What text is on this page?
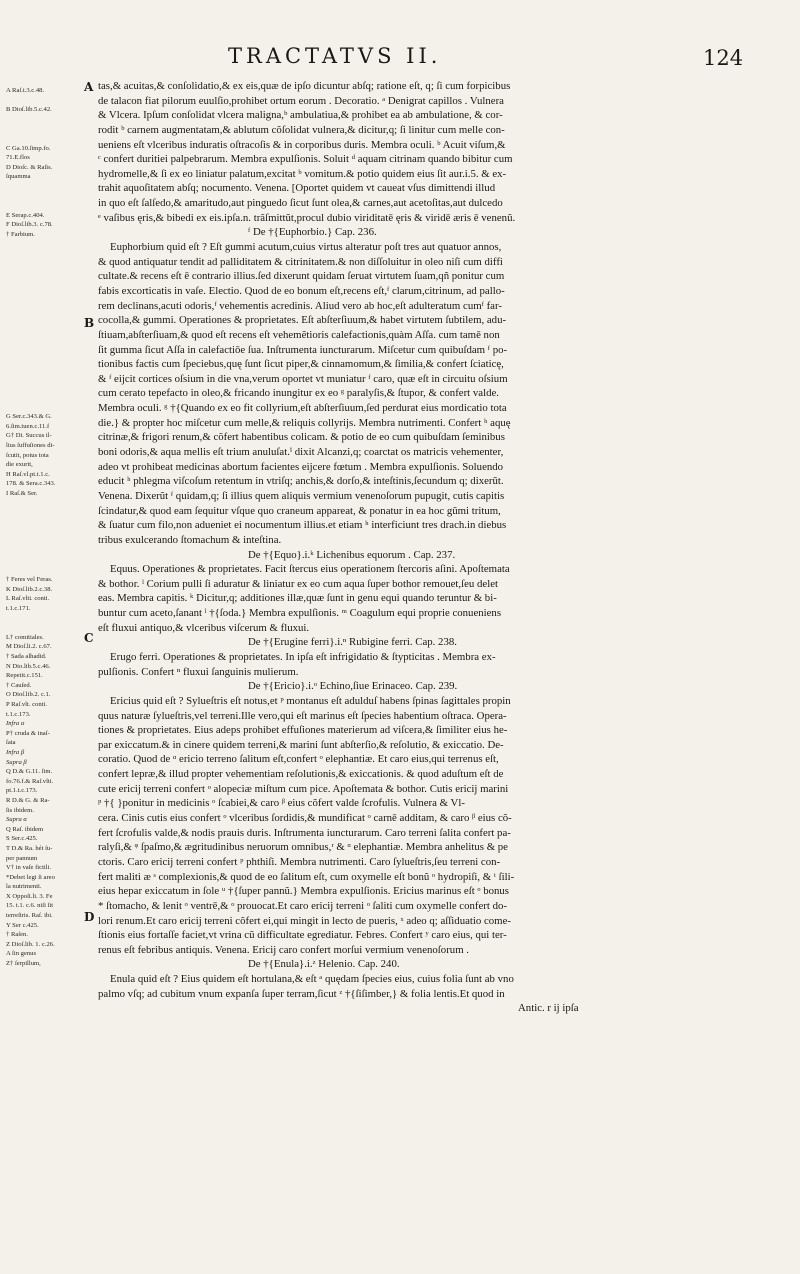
TRACTATVS II.	124
A Raſ.t.3.c.48.

B Dioſ.lib.5.c.42.

C Ga.10.ſimp.fo.
71.E.flos
D Dioſc. & Raſis.
ſquamma

E Serap.c.404.
F Dioſ.lib.3. c.78.
† Farbium.

G Ser.c.343.& G.
6.ſim.tuen.c.11.f
G† Di. Succus il-
lius ſuffuſiones di-
ſcutit, potus tota
die exurit,
H Raſ.vl.pt.t.1.c.
178. & Sera.c.343.
I Raſ.& Ser.

† Feres vel Feras.
K Dioſ.lib.2.c.38.
L Raſ.vlti. conti.
t.1.c.171.

L† comitiales.
M Dioſ.li.2. c.67.
† Sada alhadid.
N Dio.lib.5.c.46.
Repetit.c.151.
† Cauſed.
O Dioſ.lib.2. c.1.
P Raſ.vlt. conti.
t.1.c.173.
Infra α
P† cruda & inaſ-
ſata
Infra β
Supra β
Q D.& G.11. ſim.
fo.76.f.& Raſ.vlti.
pt.1.t.c.173.
R D.& G. & Ra-
ſis ibidem.
Supra α
Q Raſ. ibidem
S Ser.c.425.
T D.& Ra. hét ſu-
per pannum
V† in vaſe fictili.
*Debet legi ſi areo
la nutrimenti.
X Oppoſi.li. 3. Fe
15. t.1. c.6. niſi ſit
terreſtris. Raſ. ibi.
Y Ser c.425.
† Raſen.
Z Dioſ.lib. 1. c.26.
A ſin genus
Z† ſerpillum,
A
B
C
D
tas,& acuitas,& conſolidatio,& ex eis,quæ de ipſo dicuntur abſq; ratione eſt, q; ſi cum forpicibus
de talacon fiat pilorum euulſio,prohibet ortum eorum . Decoratio. ᵃ Denigrat capillos . Vulnera
& Vlcera. Ipſum conſolidat vlcera maligna,ᵇ ambulatiua,& prohibet ea ab ambulatione, & cor-
rodit ᵇ carnem augmentatam,& ablutum cõſolidat vulnera,& dicitur,q; ſi linitur cum melle con-
ueniens eſt vlceribus induratis oſtracoſis & in corporibus duris. Membra oculi. ᵇ Acuit viſum,&
ᶜ confert duritiei palpebrarum. Membra expulſionis. Soluit ᵈ aquam citrinam quando bibitur cum
hydromelle,& ſi ex eo liniatur palatum,excitat ᵇ vomitum.& potio quidem eius ſit aur.i.5. & ex-
trahit aquoſitatem abſq; nocumento. Venena. [Oportet quidem vt caueat vſus dimittendi illud
in quo eſt ſalſedo,& amaritudo,aut pinguedo ſicut ſunt olea,& carnes,aut acetoſitas,aut dulcedo
ᵉ vaſibus ęris,& bibedi ex eis.ipſa.n. trãſmittũt,procul dubio viriditatē ęris & viridē æris ē venenũ.
ᶠ De †{Euphorbio.} Cap. 236.
Euphorbium quid eſt ? Eſt gummi acutum,cuius virtus alteratur poſt tres aut quatuor annos,
& quod antiquatur tendit ad palliditatem & citrinitatem.& non diſſoluitur in oleo niſi cum diffi
cultate.& recens eſt ē contrario illius.ſed dixerunt quidam ſeruat virtutem ſuam,qñ ponitur cum
fabis excorticatis in vaſe. Electio. Quod de eo bonum eſt,recens eſt,ᶠ clarum,citrinum, ad pallo-
rem declinans,acuti odoris,ᶠ vehementis acredinis. Aliud vero ab hoc,eſt adulteratum cumᶠ far-
cocolla,& gummi. Operationes & proprietates. Eſt abſterſiuum,& habet virtutem ſubtilem, adu-
ſtiuam,abſterſiuam,& quod eſt recens eſt vehemẽtioris calefactionis,quàm Aſſa. cum tamē non
ſit gumma ſicut Aſſa in calefactiōe ſua. Inſtrumenta iuncturarum. Miſcetur cum quibuſdam ᶠ po-
tionibus factis cum ſpeciebus,quę ſunt ſicut piper,& cinnamomum,& ſimilia,& confert ſciaticę,
& ᶠ eijcit cortices oſsium in die vna,verum oportet vt muniatur ᶠ caro, quæ eſt in circuitu oſsium
cum cerato tepefacto in oleo,& fricando inungitur ex eo ᵍ paralyſis,& ſtupor, & confert valde.
Membra oculi. ᵍ †{Quando ex eo fit collyrium,eſt abſterſiuum,ſed perdurat eius mordicatio tota
die.} & propter hoc miſcetur cum melle,& reliquis collyrijs. Membra nutrimenti. Confert ʰ aquę
citrinæ,& frigori renum,& cõfert habentibus colicam. & potio de eo cum quibuſdam ſeminibus
boni odoris,& aqua mellis eſt trium anuluſat.ⁱ dixit Alcanzi,q; coarctat os matricis vehementer,
adeo vt prohibeat medicinas abortum facientes eijcere fœtum . Membra expulſionis. Soluendo
educit ʰ phlegma viſcoſum retentum in vtriſq; anchis,& dorſo,& inteſtinis,ſecundum q; dixerũt.
Venena. Dixerũt ᶠ quidam,q; ſi illius quem aliquis vermium venenoſorum pupugit, cutis capitis
ſcindatur,& quod eam ſequitur vſque quo craneum appareat, & ponatur in ea hoc gũmi tritum,
& ſuatur cum filo,non adueniet ei nocumentum illius.et etiam ʰ interficiunt tres drach.in diebus
tribus exulcerando ſtomachum & inteſtina.
De †{Equo}.i.ᵏ Lichenibus equorum . Cap. 237.
Equus. Operationes & proprietates. Facit ſtercus eius operationem ſtercoris aſini. Apoſtemata
& bothor. ˡ Corium pulli ſi aduratur & liniatur ex eo cum aqua ſuper bothor remouet,ſeu delet
eas. Membra capitis. ᵏ Dicitur,q; additiones illæ,quæ ſunt in genu equi quando teruntur & bi-
buntur cum aceto,ſanant ˡ †{ſoda.} Membra expulſionis. ᵐ Coagulum equi proprie conueniens
eſt fluxui antiquo,& vlceribus viſcerum & fluxui.
De †{Erugine ferri}.i.ⁿ Rubigine ferri. Cap. 238.
Erugo ferri. Operationes & proprietates. In ipſa eſt infrigidatio & ſtypticitas . Membra ex-
pulſionis. Confert ⁿ fluxui ſanguinis mulierum.
De †{Ericio}.i.ᵒ Echino,ſiue Erinaceo. Cap. 239.
Ericius quid eſt ? Sylueſtris eſt notus,et ᵖ montanus eſt adulduſ habens ſpinas ſagittales propin
quus naturæ ſylueſtris,vel terreni.Ille vero,qui eſt marinus eſt ſpecies habentium oſtraca. Opera-
tiones & proprietates. Eius adeps prohibet effuſiones materierum ad viſcera,& ſimiliter eius he-
par exiccatum.& in cinere quidem terreni,& marini ſunt abſterſio,& reſolutio, & exiccatio. De-
coratio. Quod de ᵅ ericio terreno ſalitum eſt,confert ᵒ elephantiæ. Et caro eius,qui terrenus eſt,
confert lepræ,& illud propter vehementiam reſolutionis,& exiccationis. & quod aduſtum eſt de
cute ericij terreni confert ᵒ alopeciæ miſtum cum pice. Apoſtemata & bothor. Cutis ericij marini
ᵖ †{ }ponitur in medicinis ᵒ ſcabiei,& caro ᵝ eius cõfert valde ſcrofulis. Vulnera & Vl-
cera. Cinis cutis eius confert ᵒ vlceribus ſordidis,& mundificat ᵒ carnē additam, & caro ᵝ eius cõ-
fert ſcrofulis valde,& nodis prauis duris. Inſtrumenta iuncturarum. Caro terreni ſalita confert pa-
ralyſi,& ᵠ ſpaſmo,& ægritudinibus neruorum omnibus,ʳ & ᵅ elephantiæ. Membra anhelitus & pe
ctoris. Caro ericij terreni confert ᵖ phthiſi. Membra nutrimenti. Caro ſylueſtris,ſeu terreni con-
fert maliti æ ˢ complexionis,& quod de eo ſalitum eſt, cum oxymelle eſt bonũ ᵒ hydropiſi, & ᵗ ſili-
eius hepar exiccatum in ſole ᵘ †{ſuper pannũ.} Membra expulſionis. Ericius marinus eſt ᵒ bonus
* ſtomacho, & lenit ᵒ ventrē,& ᵒ prouocat.Et caro ericij terreni ᵒ ſaliti cum oxymelle confert do-
lori renum.Et caro ericij terreni cõfert ei,qui mingit in lecto de pueris, ˣ adeo q; aſſiduatio come-
ſtionis eius fortaſſe faciet,vt vrina cũ difficultate egrediatur. Febres. Confert ʸ caro eius, qui ter-
renus eſt febribus antiquis. Venena. Ericij caro confert morſui vermium venenoſorum .
De †{Enula}.i.ᶻ Helenio. Cap. 240.
Enula quid eſt ? Eius quidem eſt hortulana,& eſt ᵃ quędam ſpecies eius, cuius folia ſunt ab vno
palmo vſq; ad cubitum vnum expanſa ſuper terram,ſicut ᶻ †{ſiſimber,} & folia lentis.Et quod in
Antic. r ij ipſa
